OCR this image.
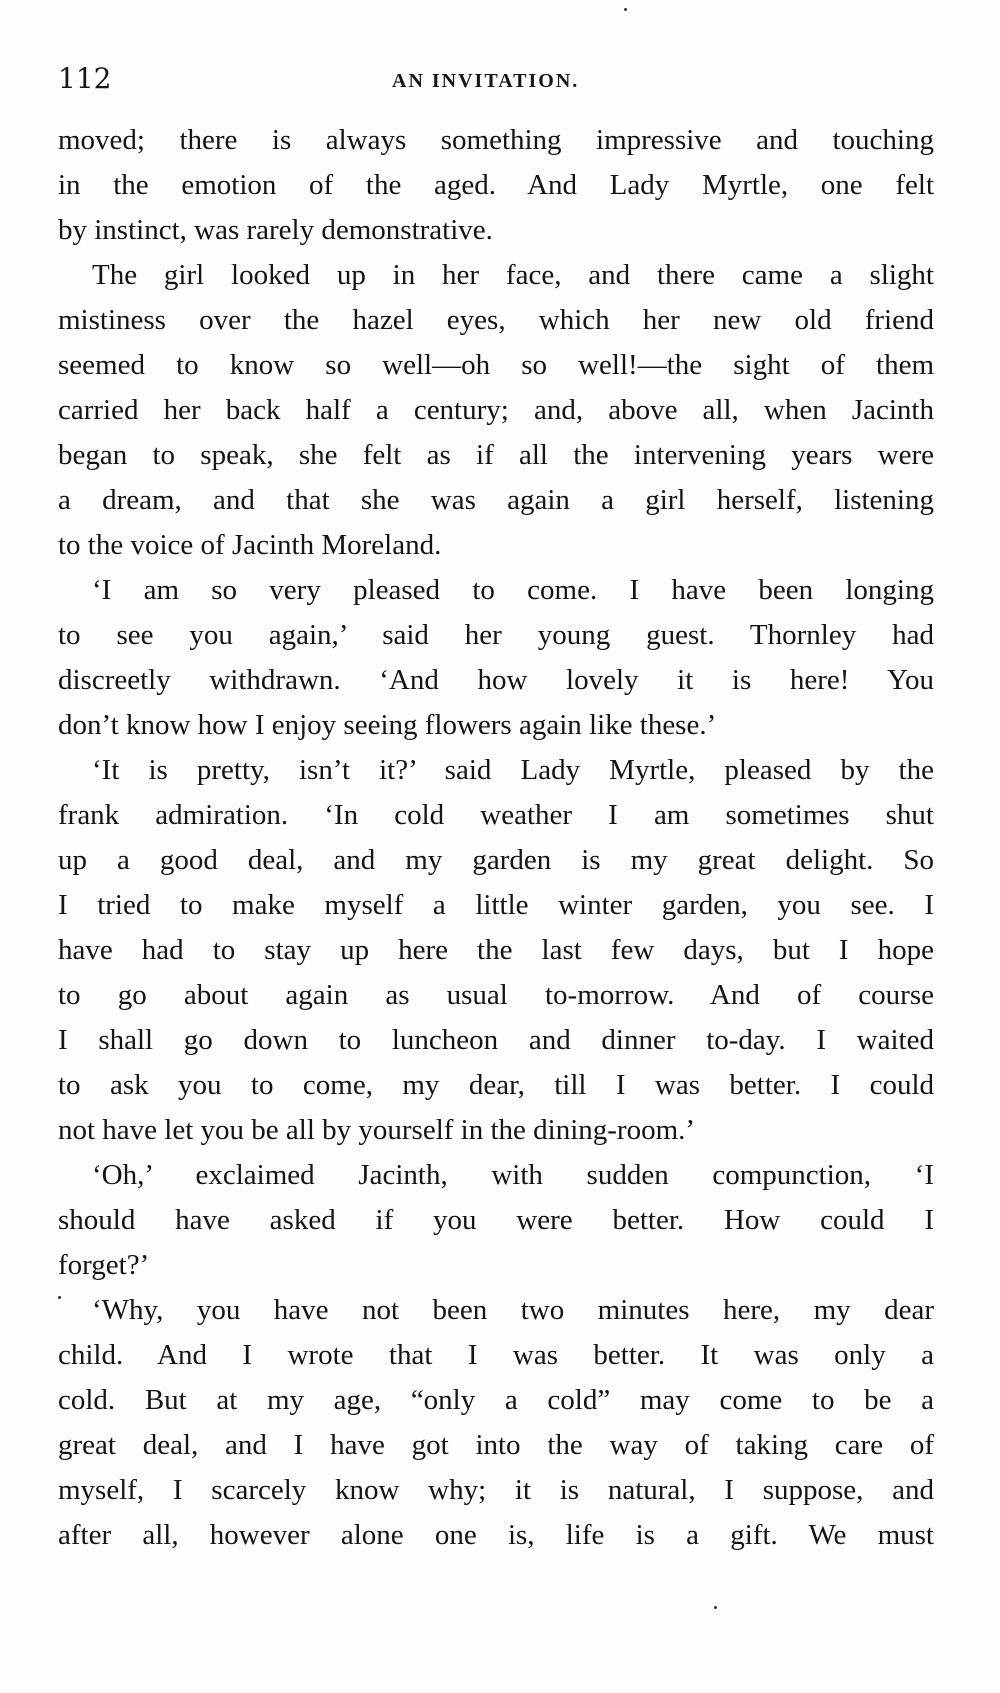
112	AN INVITATION.
moved; there is always something impressive and touching
in the emotion of the aged. And Lady Myrtle, one felt
by instinct, was rarely demonstrative.
The girl looked up in her face, and there came a slight
mistiness over the hazel eyes, which her new old friend
seemed to know so well—oh so well!—the sight of them
carried her back half a century; and, above all, when Jacinth
began to speak, she felt as if all the intervening years were
a dream, and that she was again a girl herself, listening
to the voice of Jacinth Moreland.
‘I am so very pleased to come. I have been longing
to see you again,’ said her young guest. Thornley had
discreetly withdrawn. ‘And how lovely it is here! You
don’t know how I enjoy seeing flowers again like these.’
‘It is pretty, isn’t it?’ said Lady Myrtle, pleased by the
frank admiration. ‘In cold weather I am sometimes shut
up a good deal, and my garden is my great delight. So
I tried to make myself a little winter garden, you see. I
have had to stay up here the last few days, but I hope
to go about again as usual to-morrow. And of course
I shall go down to luncheon and dinner to-day. I waited
to ask you to come, my dear, till I was better. I could
not have let you be all by yourself in the dining-room.’
‘Oh,’ exclaimed Jacinth, with sudden compunction, ‘I
should have asked if you were better. How could I
forget?’
‘Why, you have not been two minutes here, my dear
child. And I wrote that I was better. It was only a
cold. But at my age, “only a cold” may come to be a
great deal, and I have got into the way of taking care of
myself, I scarcely know why; it is natural, I suppose, and
after all, however alone one is, life is a gift. We must
